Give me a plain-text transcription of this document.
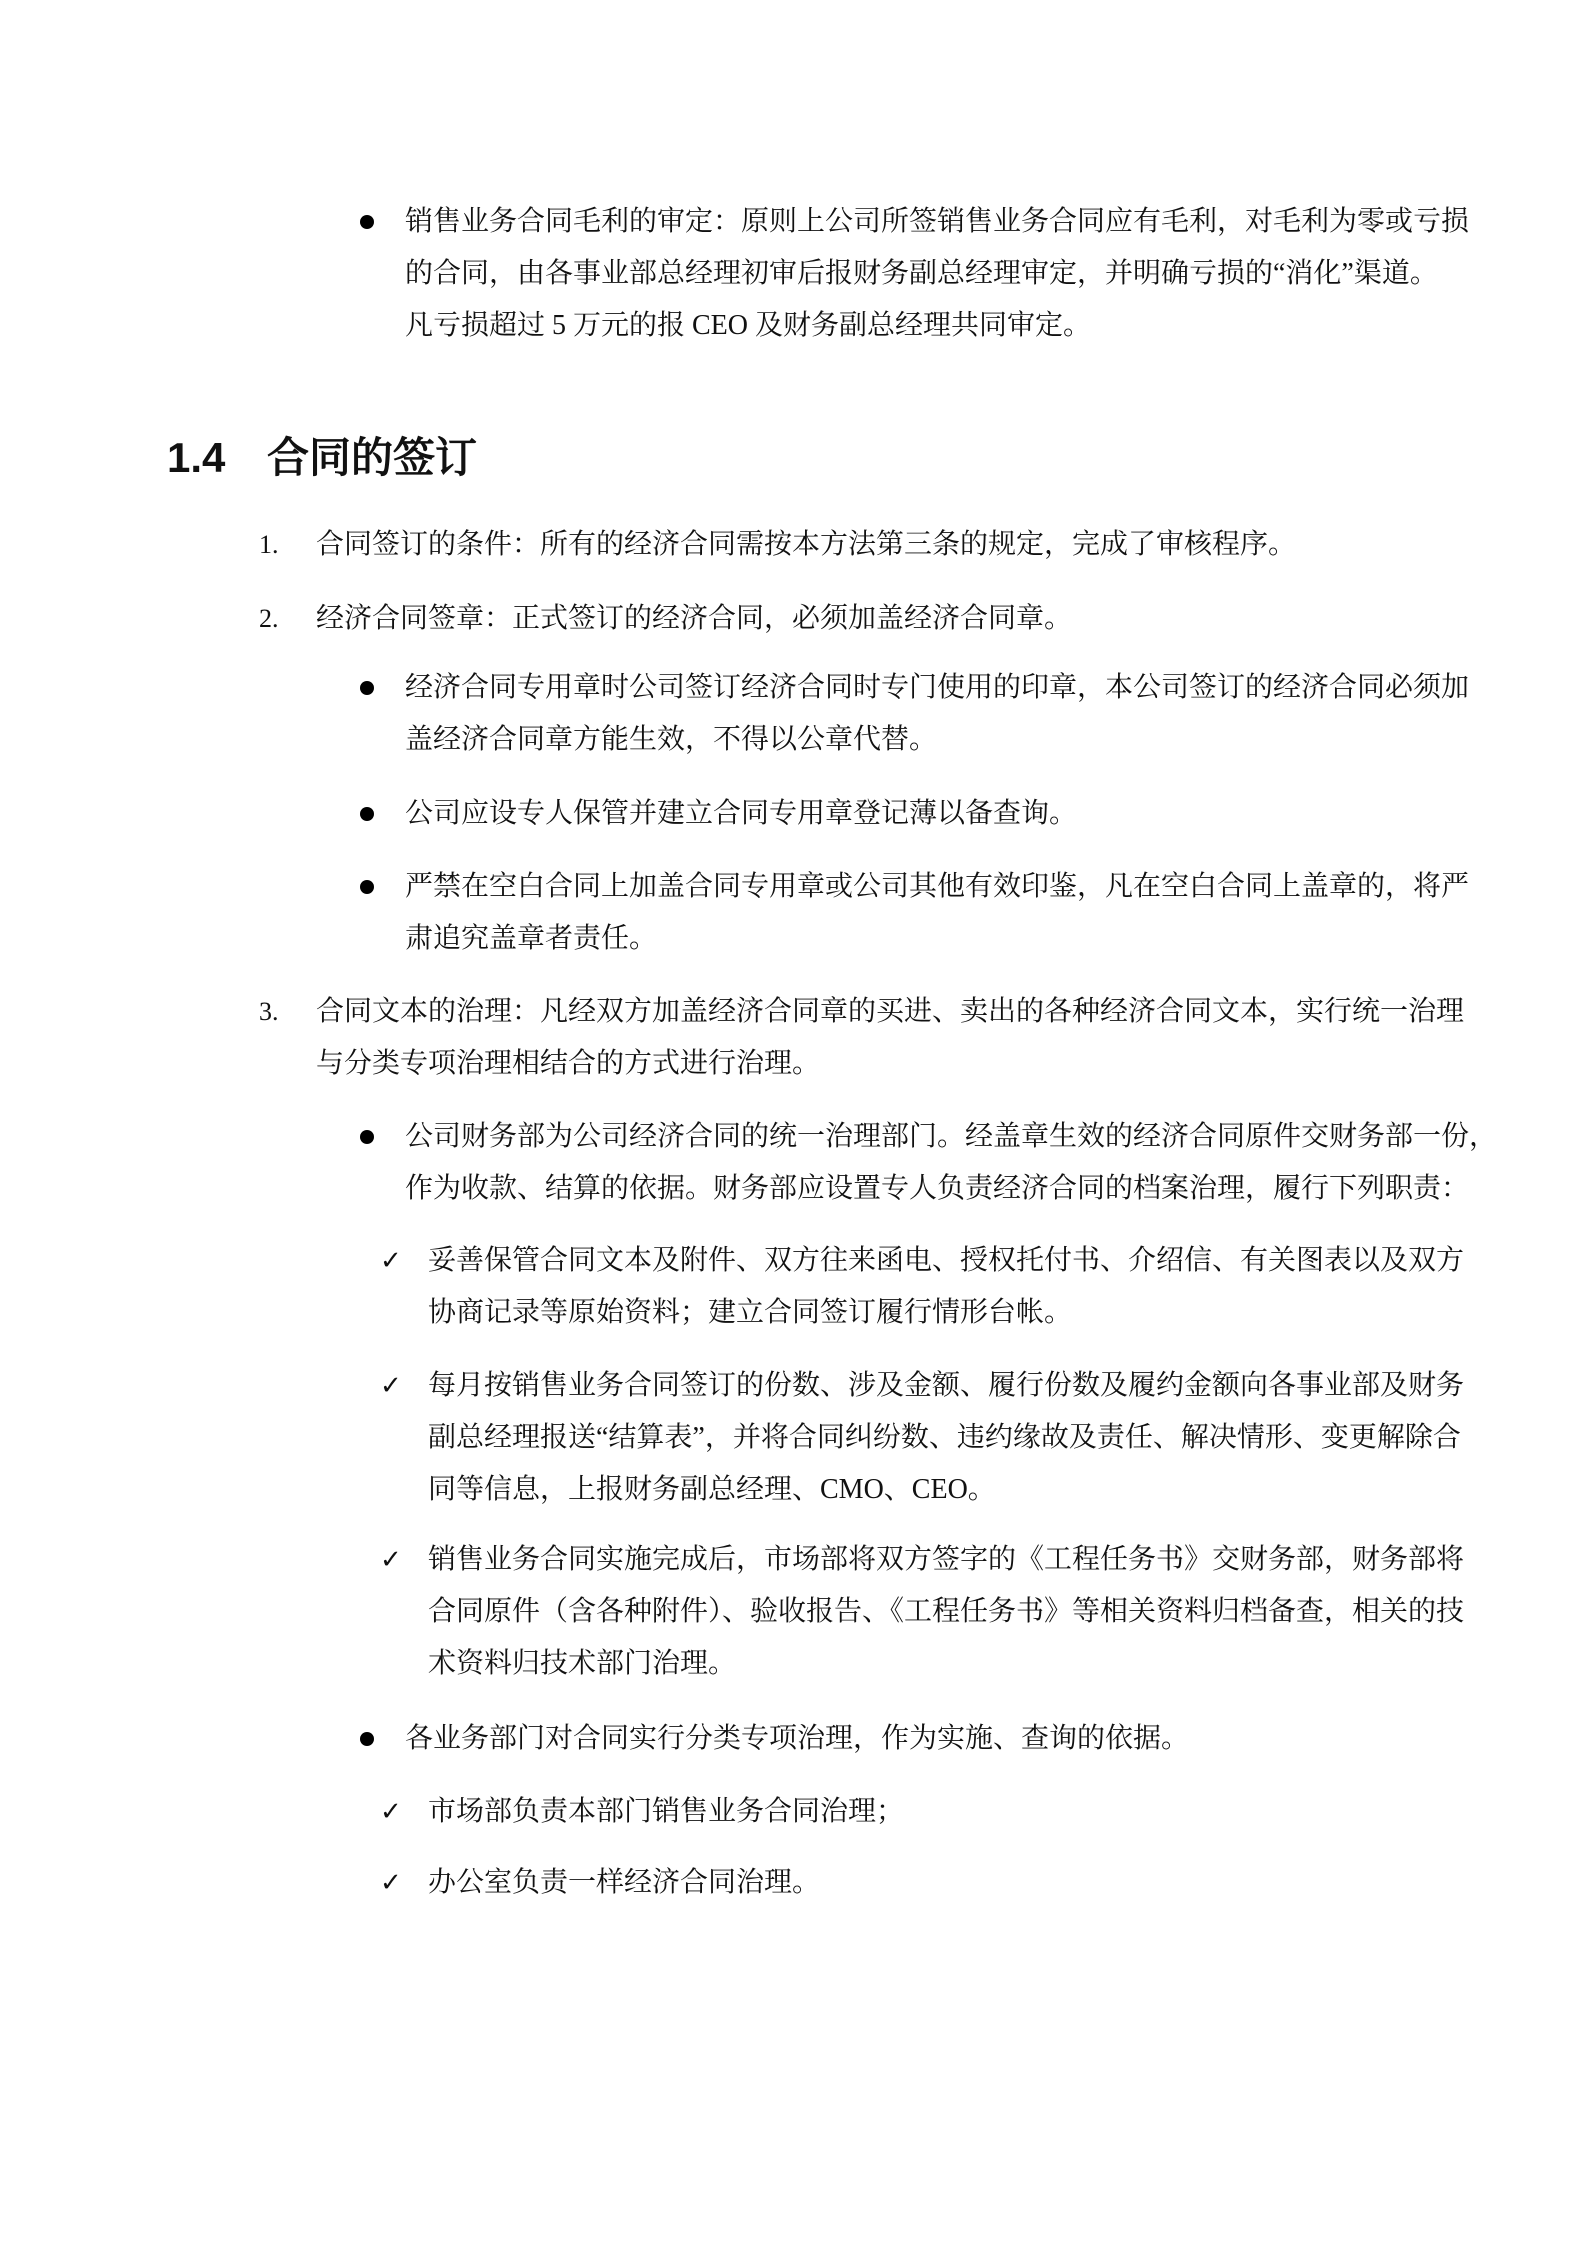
1.4 合同的签订
销售业务合同毛利的审定：原则上公司所签销售业务合同应有毛利，对毛利为零或亏损
的合同，由各事业部总经理初审后报财务副总经理审定，并明确亏损的“消化”渠道。
凡亏损超过 5 万元的报 CEO 及财务副总经理共同审定。
1. 合同签订的条件：所有的经济合同需按本方法第三条的规定，完成了审核程序。
2. 经济合同签章：正式签订的经济合同，必须加盖经济合同章。
经济合同专用章时公司签订经济合同时专门使用的印章，本公司签订的经济合同必须加
盖经济合同章方能生效，不得以公章代替。
公司应设专人保管并建立合同专用章登记薄以备查询。
严禁在空白合同上加盖合同专用章或公司其他有效印鉴，凡在空白合同上盖章的，将严
肃追究盖章者责任。
3. 合同文本的治理：凡经双方加盖经济合同章的买进、卖出的各种经济合同文本，实行统一治理
与分类专项治理相结合的方式进行治理。
公司财务部为公司经济合同的统一治理部门。经盖章生效的经济合同原件交财务部一份，
作为收款、结算的依据。财务部应设置专人负责经济合同的档案治理，履行下列职责：
✓ 妥善保管合同文本及附件、双方往来函电、授权托付书、介绍信、有关图表以及双方
协商记录等原始资料；建立合同签订履行情形台帐。
✓ 每月按销售业务合同签订的份数、涉及金额、履行份数及履约金额向各事业部及财务
副总经理报送“结算表”，并将合同纠纷数、违约缘故及责任、解决情形、变更解除合
同等信息，上报财务副总经理、CMO、CEO。
✓ 销售业务合同实施完成后，市场部将双方签字的《工程任务书》交财务部，财务部将
合同原件（含各种附件）、验收报告、《工程任务书》等相关资料归档备查，相关的技
术资料归技术部门治理。
各业务部门对合同实行分类专项治理，作为实施、查询的依据。
✓ 市场部负责本部门销售业务合同治理；
✓ 办公室负责一样经济合同治理。
